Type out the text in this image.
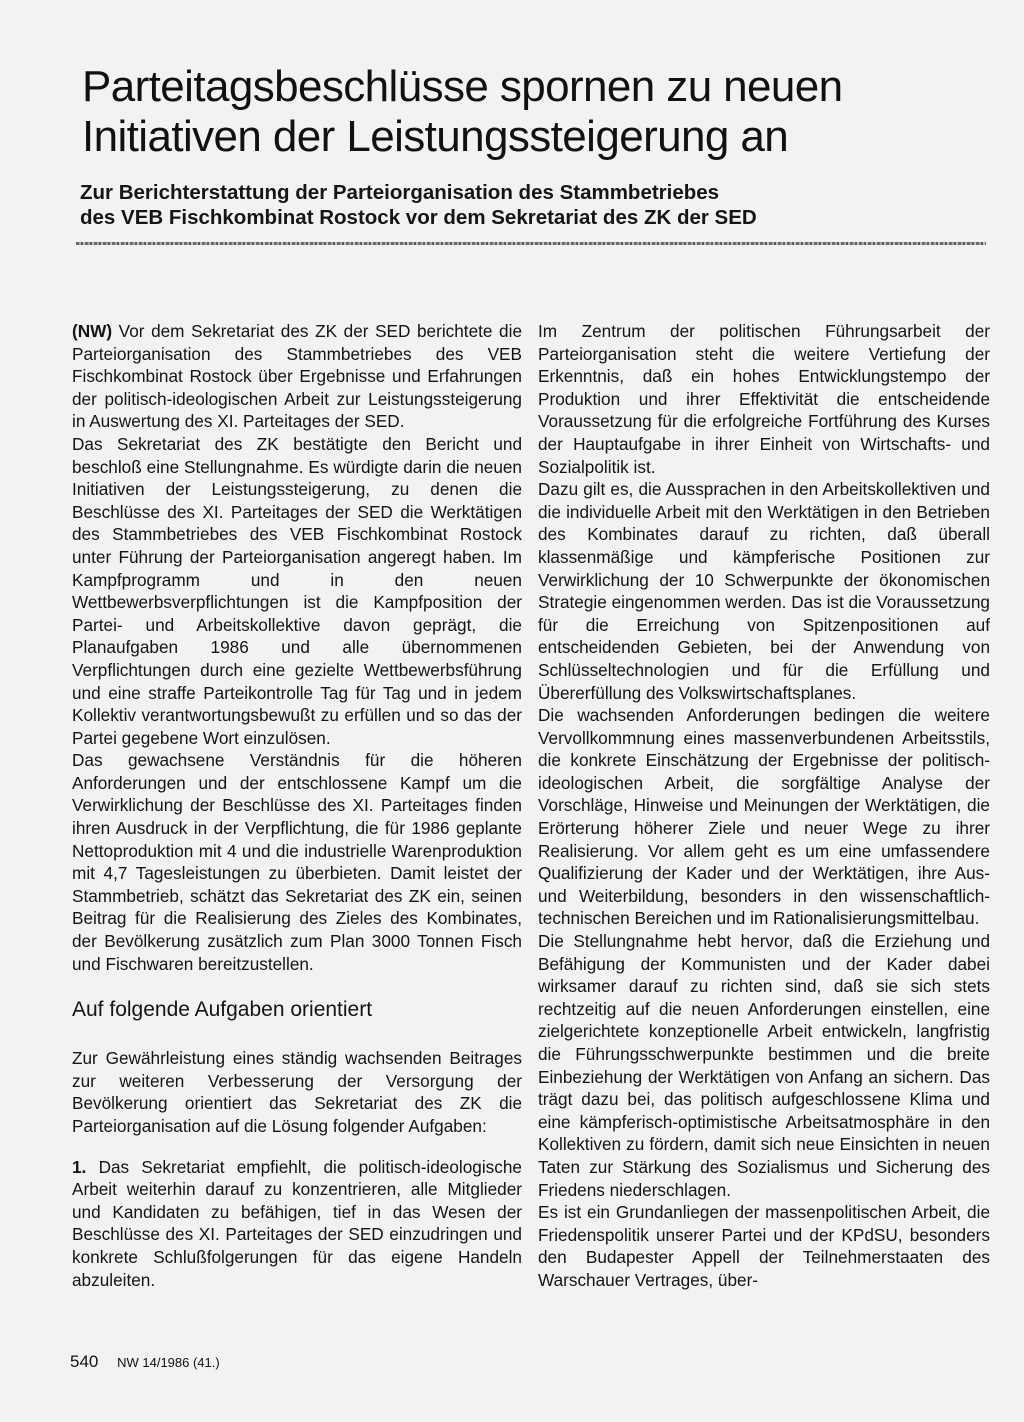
Parteitagsbeschlüsse spornen zu neuen
Initiativen der Leistungssteigerung an
Zur Berichterstattung der Parteiorganisation des Stammbetriebes
des VEB Fischkombinat Rostock vor dem Sekretariat des ZK der SED

(NW) Vor dem Sekretariat des ZK der SED berichtete die Parteiorganisation des Stammbetriebes des VEB Fischkombinat Rostock über Ergebnisse und Erfahrungen der politisch-ideologischen Arbeit zur Leistungssteigerung in Auswertung des XI. Parteitages der SED.

Das Sekretariat des ZK bestätigte den Bericht und beschloß eine Stellungnahme. Es würdigte darin die neuen Initiativen der Leistungssteigerung, zu denen die Beschlüsse des XI. Parteitages der SED die Werktätigen des Stammbetriebes des VEB Fischkombinat Rostock unter Führung der Parteiorganisation angeregt haben. Im Kampfprogramm und in den neuen Wettbewerbsverpflichtungen ist die Kampfposition der Partei- und Arbeitskollektive davon geprägt, die Planaufgaben 1986 und alle übernommenen Verpflichtungen durch eine gezielte Wettbewerbsführung und eine straffe Parteikontrolle Tag für Tag und in jedem Kollektiv verantwortungsbewußt zu erfüllen und so das der Partei gegebene Wort einzulösen.

Das gewachsene Verständnis für die höheren Anforderungen und der entschlossene Kampf um die Verwirklichung der Beschlüsse des XI. Parteitages finden ihren Ausdruck in der Verpflichtung, die für 1986 geplante Nettoproduktion mit 4 und die industrielle Warenproduktion mit 4,7 Tagesleistungen zu überbieten. Damit leistet der Stammbetrieb, schätzt das Sekretariat des ZK ein, seinen Beitrag für die Realisierung des Zieles des Kombinates, der Bevölkerung zusätzlich zum Plan 3000 Tonnen Fisch und Fischwaren bereitzustellen.

Auf folgende Aufgaben orientiert

Zur Gewährleistung eines ständig wachsenden Beitrages zur weiteren Verbesserung der Versorgung der Bevölkerung orientiert das Sekretariat des ZK die Parteiorganisation auf die Lösung folgender Aufgaben:

1. Das Sekretariat empfiehlt, die politisch-ideologische Arbeit weiterhin darauf zu konzentrieren, alle Mitglieder und Kandidaten zu befähigen, tief in das Wesen der Beschlüsse des XI. Parteitages der SED einzudringen und konkrete Schlußfolgerungen für das eigene Handeln abzuleiten.

Im Zentrum der politischen Führungsarbeit der Parteiorganisation steht die weitere Vertiefung der Erkenntnis, daß ein hohes Entwicklungstempo der Produktion und ihrer Effektivität die entscheidende Voraussetzung für die erfolgreiche Fortführung des Kurses der Hauptaufgabe in ihrer Einheit von Wirtschafts- und Sozialpolitik ist.

Dazu gilt es, die Aussprachen in den Arbeitskollektiven und die individuelle Arbeit mit den Werktätigen in den Betrieben des Kombinates darauf zu richten, daß überall klassenmäßige und kämpferische Positionen zur Verwirklichung der 10 Schwerpunkte der ökonomischen Strategie eingenommen werden. Das ist die Voraussetzung für die Erreichung von Spitzenpositionen auf entscheidenden Gebieten, bei der Anwendung von Schlüsseltechnologien und für die Erfüllung und Übererfüllung des Volkswirtschaftsplanes.

Die wachsenden Anforderungen bedingen die weitere Vervollkommnung eines massenverbundenen Arbeitsstils, die konkrete Einschätzung der Ergebnisse der politisch-ideologischen Arbeit, die sorgfältige Analyse der Vorschläge, Hinweise und Meinungen der Werktätigen, die Erörterung höherer Ziele und neuer Wege zu ihrer Realisierung. Vor allem geht es um eine umfassendere Qualifizierung der Kader und der Werktätigen, ihre Aus- und Weiterbildung, besonders in den wissenschaftlich-technischen Bereichen und im Rationalisierungsmittelbau.

Die Stellungnahme hebt hervor, daß die Erziehung und Befähigung der Kommunisten und der Kader dabei wirksamer darauf zu richten sind, daß sie sich stets rechtzeitig auf die neuen Anforderungen einstellen, eine zielgerichtete konzeptionelle Arbeit entwickeln, langfristig die Führungsschwerpunkte bestimmen und die breite Einbeziehung der Werktätigen von Anfang an sichern. Das trägt dazu bei, das politisch aufgeschlossene Klima und eine kämpferisch-optimistische Arbeitsatmosphäre in den Kollektiven zu fördern, damit sich neue Einsichten in neuen Taten zur Stärkung des Sozialismus und Sicherung des Friedens niederschlagen.

Es ist ein Grundanliegen der massenpolitischen Arbeit, die Friedenspolitik unserer Partei und der KPdSU, besonders den Budapester Appell der Teilnehmerstaaten des Warschauer Vertrages, über-

540 NW 14/1986 (41.)
